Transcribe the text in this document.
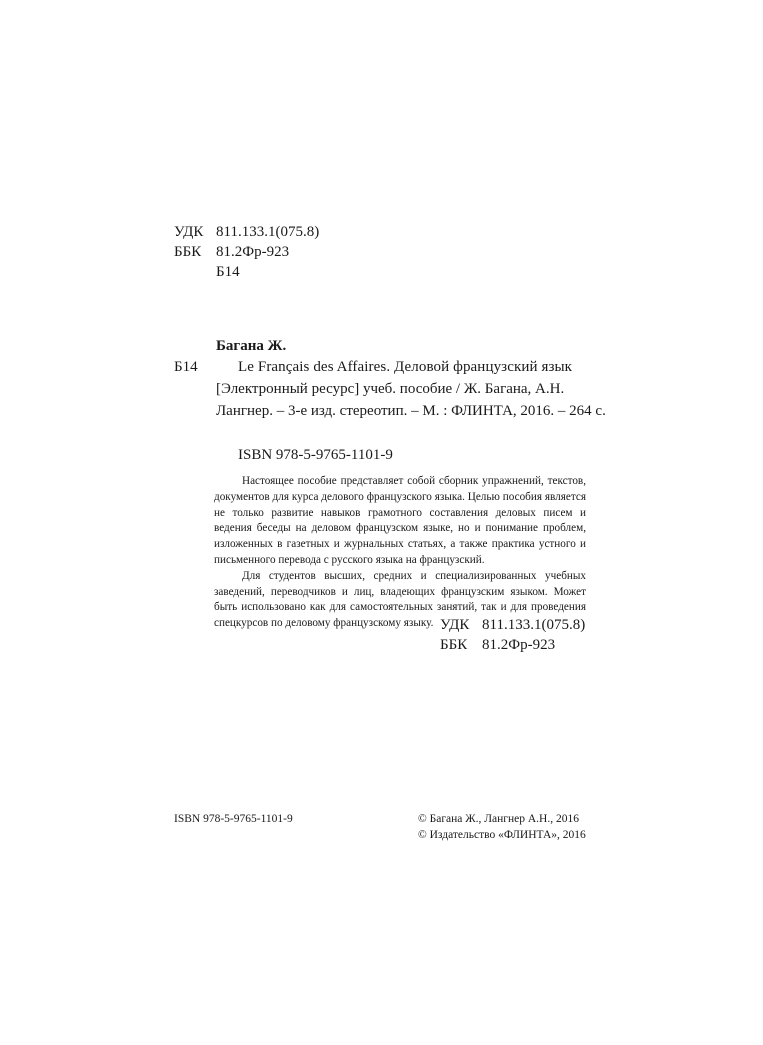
УДК 811.133.1(075.8)
ББК 81.2Фр-923
Б14
Багана Ж.
Б14	Le Français des Affaires. Деловой французский язык
[Электронный ресурс] учеб. пособие / Ж. Багана, А.Н.
Лангнер. – 3-е изд. стереотип. – М. : ФЛИНТА, 2016. – 264 с.
ISBN 978-5-9765-1101-9

Настоящее пособие представляет собой сборник упражнений, текстов, документов для курса делового французского языка. Целью пособия является не только развитие навыков грамотного составления деловых писем и ведения беседы на деловом французском языке, но и понимание проблем, изложенных в газетных и журнальных статьях, а также практика устного и письменного перевода с русского языка на французский.

Для студентов высших, средних и специализированных учебных заведений, переводчиков и лиц, владеющих французским языком. Может быть использовано как для самостоятельных занятий, так и для проведения спецкурсов по деловому французскому языку. УДК 811.133.1(075.8)
ББК 81.2Фр-923
ISBN 978-5-9765-1101-9	© Багана Ж., Лангнер А.Н., 2016
© Издательство «ФЛИНТА», 2016
